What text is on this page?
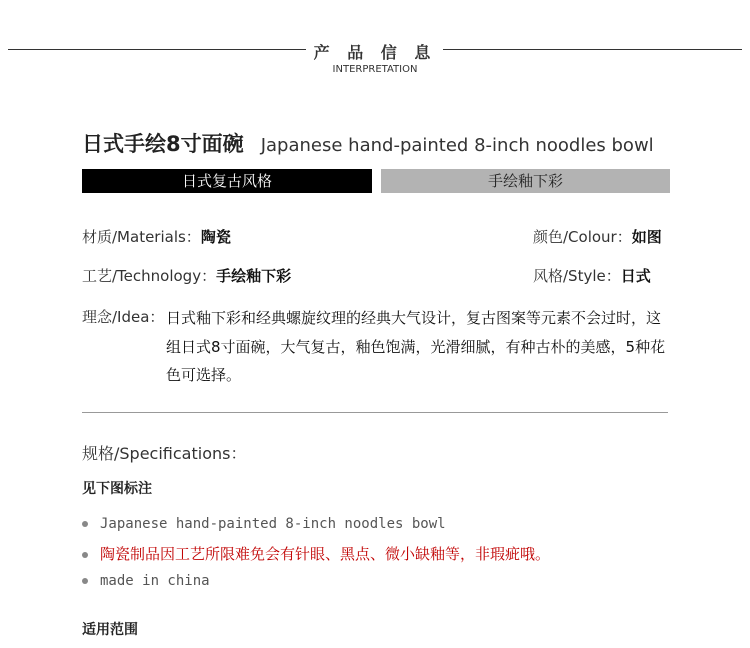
产 品 信 息
INTERPRETATION
日式手绘8寸面碗 Japanese hand-painted 8-inch noodles bowl
日式复古风格	手绘釉下彩
材质/Materials：陶瓷	颜色/Colour：如图
工艺/Technology：手绘釉下彩	风格/Style：日式
理念/Idea： 日式釉下彩和经典螺旋纹理的经典大气设计，复古图案等元素不会过时，这组日式8寸面碗，大气复古，釉色饱满，光滑细腻，有种古朴的美感，5种花色可选择。
规格/Specifications：
见下图标注
Japanese hand-painted 8-inch noodles bowl
陶瓷制品因工艺所限难免会有针眼、黑点、微小缺釉等，非瑕疵哦。
made in china
适用范围
